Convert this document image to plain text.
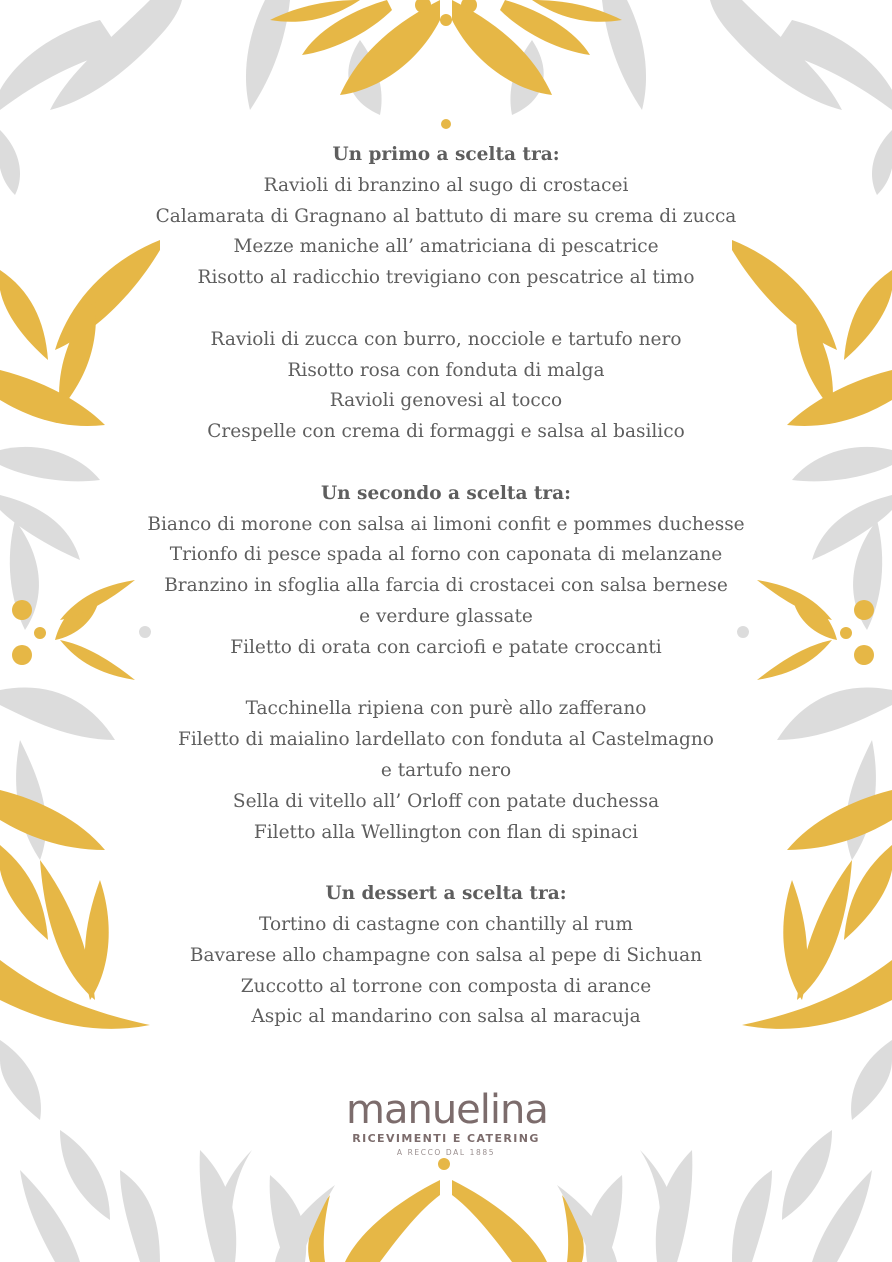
Un primo a scelta tra:
Ravioli di branzino al sugo di crostacei
Calamarata di Gragnano al battuto di mare su crema di zucca
Mezze maniche all’ amatriciana di pescatrice
Risotto al radicchio trevigiano con pescatrice al timo
Ravioli di zucca con burro, nocciole e tartufo nero
Risotto rosa con fonduta di malga
Ravioli genovesi al tocco
Crespelle con crema di formaggi e salsa al basilico
Un secondo a scelta tra:
Bianco di morone con salsa ai limoni confit e pommes duchesse
Trionfo di pesce spada al forno con caponata di melanzane
Branzino in sfoglia alla farcia di crostacei con salsa bernese
e verdure glassate
Filetto di orata con carciofi e patate croccanti
Tacchinella ripiena con purè allo zafferano
Filetto di maialino lardellato con fonduta al Castelmagno
e tartufo nero
Sella di vitello all’ Orloff con patate duchessa
Filetto alla Wellington con flan di spinaci
Un dessert a scelta tra:
Tortino di castagne con chantilly al rum
Bavarese allo champagne con salsa al pepe di Sichuan
Zuccotto al torrone con composta di arance
Aspic al mandarino con salsa al maracuja
manuelina
RICEVIMENTI E CATERING
A RECCO DAL 1885
